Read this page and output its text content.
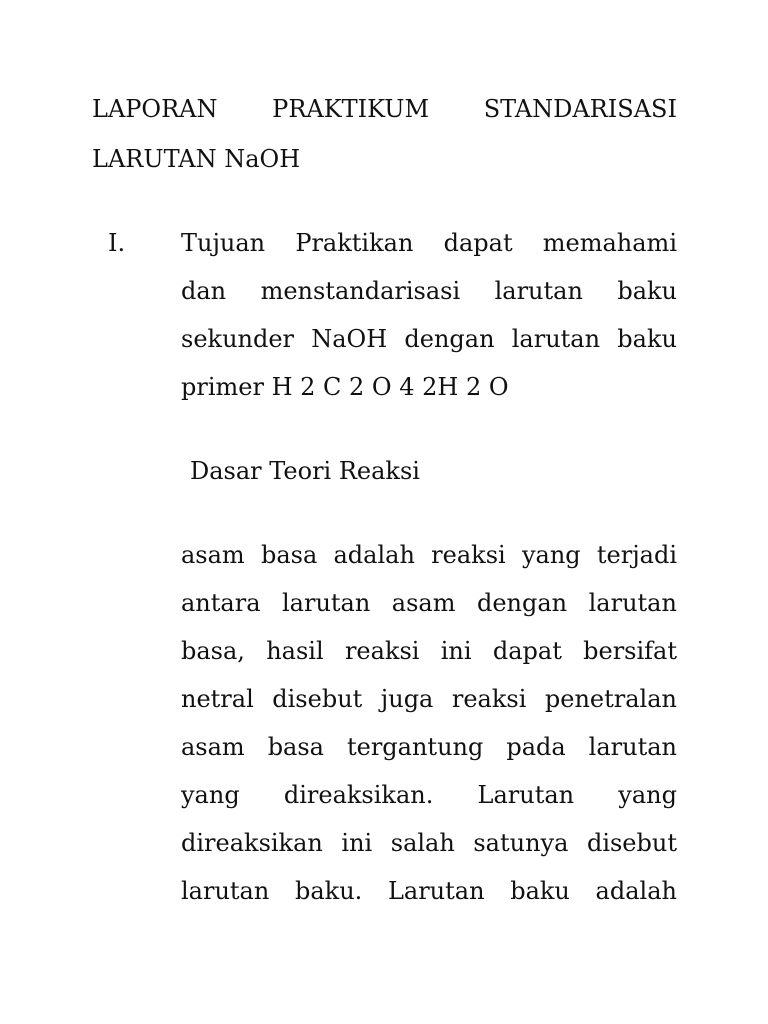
LAPORAN PRAKTIKUM STANDARISASI
LARUTAN NaOH
I. Tujuan Praktikan dapat memahami
dan menstandarisasi larutan baku
sekunder NaOH dengan larutan baku
primer H 2 C 2 O 4 2H 2 O
Dasar Teori Reaksi
asam basa adalah reaksi yang terjadi
antara larutan asam dengan larutan
basa, hasil reaksi ini dapat bersifat
netral disebut juga reaksi penetralan
asam basa tergantung pada larutan
yang direaksikan. Larutan yang
direaksikan ini salah satunya disebut
larutan baku. Larutan baku adalah
